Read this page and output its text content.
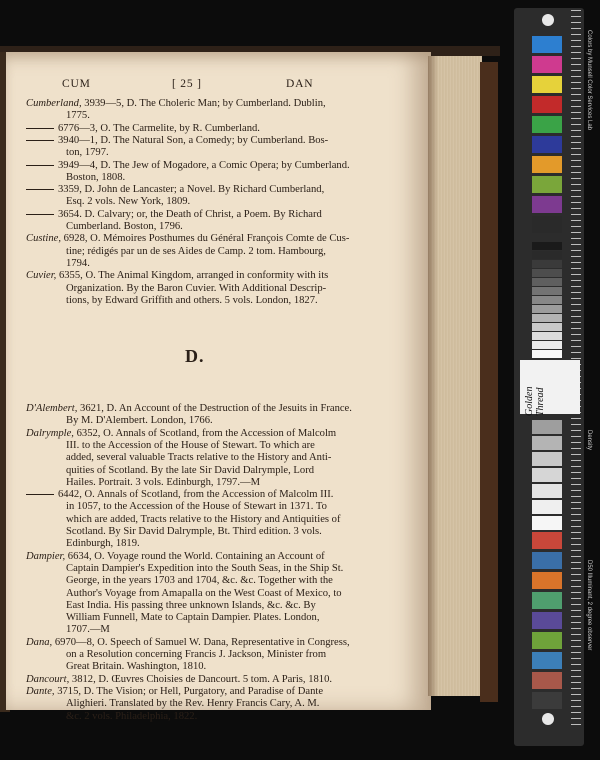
CUM	[ 25 ]	DAN
Cumberland, 3939—5, D. The Choleric Man; by Cumberland. Dublin,
1775.
6776—3, O. The Carmelite, by R. Cumberland.
3940—1, D. The Natural Son, a Comedy; by Cumberland. Bos-
ton, 1797.
3949—4, D. The Jew of Mogadore, a Comic Opera; by Cumberland.
Boston, 1808.
3359, D. John de Lancaster; a Novel. By Richard Cumberland,
Esq. 2 vols. New York, 1809.
3654. D. Calvary; or, the Death of Christ, a Poem. By Richard
Cumberland. Boston, 1796.
Custine, 6928, O. Mémoires Posthumes du Général François Comte de Cus-
tine; rédigés par un de ses Aides de Camp. 2 tom. Hambourg,
1794.
Cuvier, 6355, O. The Animal Kingdom, arranged in conformity with its
Organization. By the Baron Cuvier. With Additional Descrip-
tions, by Edward Griffith and others. 5 vols. London, 1827.
D.
D'Alembert, 3621, D. An Account of the Destruction of the Jesuits in France.
By M. D'Alembert. London, 1766.
Dalrymple, 6352, O. Annals of Scotland, from the Accession of Malcolm
III. to the Accession of the House of Stewart. To which are
added, several valuable Tracts relative to the History and Anti-
quities of Scotland. By the late Sir David Dalrymple, Lord
Hailes. Portrait. 3 vols. Edinburgh, 1797.—M
6442, O. Annals of Scotland, from the Accession of Malcolm III.
in 1057, to the Accession of the House of Stewart in 1371. To
which are added, Tracts relative to the History and Antiquities of
Scotland. By Sir David Dalrymple, Bt. Third edition. 3 vols.
Edinburgh, 1819.
Dampier, 6634, O. Voyage round the World. Containing an Account of
Captain Dampier's Expedition into the South Seas, in the Ship St.
George, in the years 1703 and 1704, &c. &c. Together with the
Author's Voyage from Amapalla on the West Coast of Mexico, to
East India. His passing three unknown Islands, &c. &c. By
William Funnell, Mate to Captain Dampier. Plates. London,
1707.—M
Dana, 6970—8, O. Speech of Samuel W. Dana, Representative in Congress,
on a Resolution concerning Francis J. Jackson, Minister from
Great Britain. Washington, 1810.
Dancourt, 3812, D. Œuvres Choisies de Dancourt. 5 tom. A Paris, 1810.
Dante, 3715, D. The Vision; or Hell, Purgatory, and Paradise of Dante
Alighieri. Translated by the Rev. Henry Francis Cary, A. M.
&c. 2 vols. Philadelphia, 1822.
Golden Thread
Colors by Munsell Color Services Lab
D50 Illuminant, 2 degree observer
Density
